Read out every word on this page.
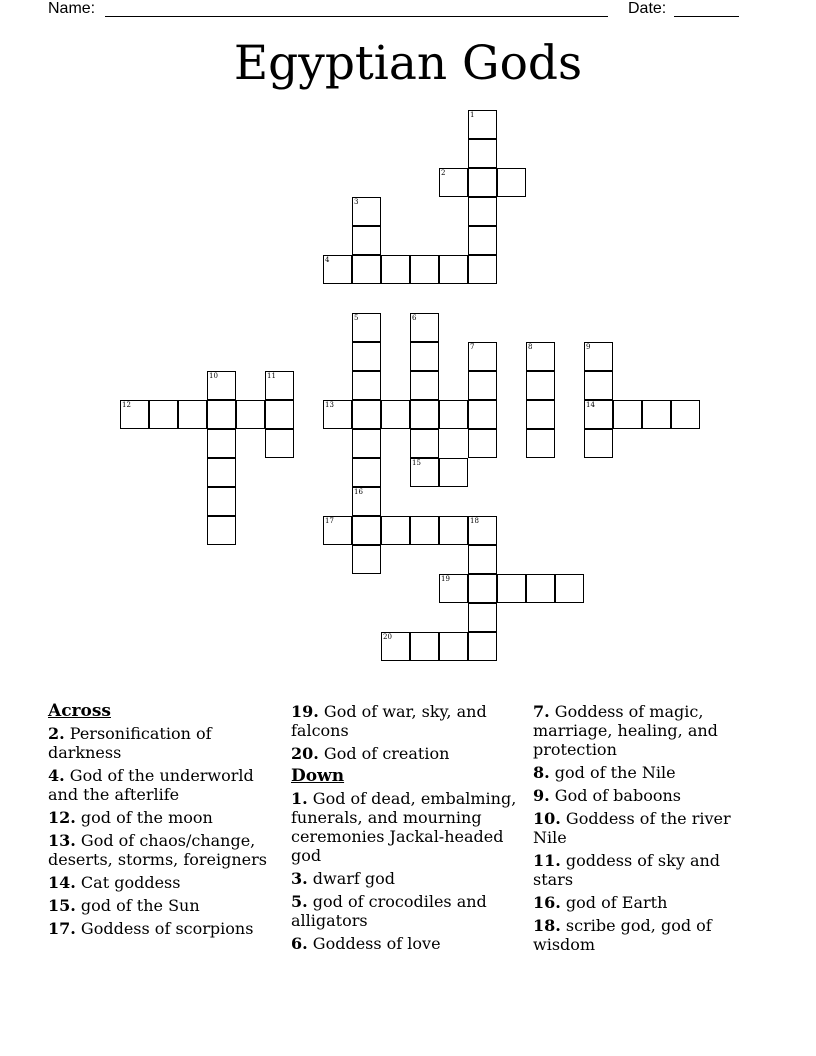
Name:	Date:
Egyptian Gods
1
2
3
4
5	6
15
7	8	9
14
10	11
12	13
16
17	18
19
20
Across
2. Personification of darkness
4. God of the underworld and the afterlife
12. god of the moon
13. God of chaos/change, deserts, storms, foreigners
14. Cat goddess
15. god of the Sun
17. Goddess of scorpions
19. God of war, sky, and falcons
20. God of creation
Down
1. God of dead, embalming, funerals, and mourning ceremonies Jackal-headed god
3. dwarf god
5. god of crocodiles and alligators
6. Goddess of love
7. Goddess of magic, marriage, healing, and protection
8. god of the Nile
9. God of baboons
10. Goddess of the river Nile
11. goddess of sky and stars
16. god of Earth
18. scribe god, god of wisdom
